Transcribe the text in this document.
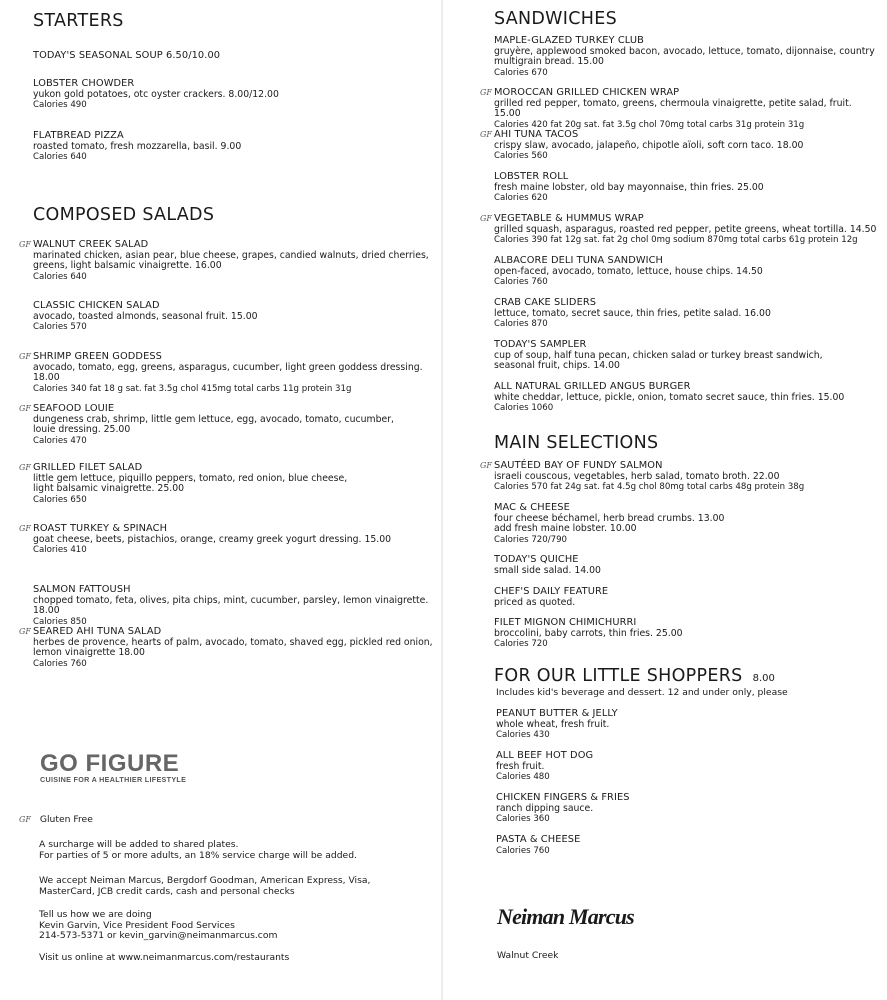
STARTERS
TODAY'S SEASONAL SOUP 6.50/10.00
LOBSTER CHOWDER
yukon gold potatoes, otc oyster crackers. 8.00/12.00
Calories 490
FLATBREAD PIZZA
roasted tomato, fresh mozzarella, basil. 9.00
Calories 640
COMPOSED SALADS
GF WALNUT CREEK SALAD
marinated chicken, asian pear, blue cheese, grapes, candied walnuts, dried cherries,
greens, light balsamic vinaigrette. 16.00
Calories 640
CLASSIC CHICKEN SALAD
avocado, toasted almonds, seasonal fruit. 15.00
Calories 570
GF SHRIMP GREEN GODDESS
avocado, tomato, egg, greens, asparagus, cucumber, light green goddess dressing. 18.00
Calories 340 fat 18 g sat. fat 3.5g chol 415mg total carbs 11g protein 31g
GF SEAFOOD LOUIE
dungeness crab, shrimp, little gem lettuce, egg, avocado, tomato, cucumber,
louie dressing. 25.00
Calories 470
GF GRILLED FILET SALAD
little gem lettuce, piquillo peppers, tomato, red onion, blue cheese,
light balsamic vinaigrette. 25.00
Calories 650
GF ROAST TURKEY & SPINACH
goat cheese, beets, pistachios, orange, creamy greek yogurt dressing. 15.00
Calories 410
SALMON FATTOUSH
chopped tomato, feta, olives, pita chips, mint, cucumber, parsley, lemon vinaigrette. 18.00
Calories 850
GF SEARED AHI TUNA SALAD
herbes de provence, hearts of palm, avocado, tomato, shaved egg, pickled red onion,
lemon vinaigrette 18.00
Calories 760
GO FIGURE
CUISINE FOR A HEALTHIER LIFESTYLE
GF Gluten Free
A surcharge will be added to shared plates.
For parties of 5 or more adults, an 18% service charge will be added.
We accept Neiman Marcus, Bergdorf Goodman, American Express, Visa,
MasterCard, JCB credit cards, cash and personal checks
Tell us how we are doing
Kevin Garvin, Vice President Food Services
214-573-5371 or kevin_garvin@neimanmarcus.com
Visit us online at www.neimanmarcus.com/restaurants
SANDWICHES
MAPLE-GLAZED TURKEY CLUB
gruyère, applewood smoked bacon, avocado, lettuce, tomato, dijonnaise, country
multigrain bread. 15.00
Calories 670
GF MOROCCAN GRILLED CHICKEN WRAP
grilled red pepper, tomato, greens, chermoula vinaigrette, petite salad, fruit. 15.00
Calories 420 fat 20g sat. fat 3.5g chol 70mg total carbs 31g protein 31g
GF AHI TUNA TACOS
crispy slaw, avocado, jalapeño, chipotle aïoli, soft corn taco. 18.00
Calories 560
LOBSTER ROLL
fresh maine lobster, old bay mayonnaise, thin fries. 25.00
Calories 620
GF VEGETABLE & HUMMUS WRAP
grilled squash, asparagus, roasted red pepper, petite greens, wheat tortilla. 14.50
Calories 390 fat 12g sat. fat 2g chol 0mg sodium 870mg total carbs 61g protein 12g
ALBACORE DELI TUNA SANDWICH
open-faced, avocado, tomato, lettuce, house chips. 14.50
Calories 760
CRAB CAKE SLIDERS
lettuce, tomato, secret sauce, thin fries, petite salad. 16.00
Calories 870
TODAY'S SAMPLER
cup of soup, half tuna pecan, chicken salad or turkey breast sandwich,
seasonal fruit, chips. 14.00
ALL NATURAL GRILLED ANGUS BURGER
white cheddar, lettuce, pickle, onion, tomato secret sauce, thin fries. 15.00
Calories 1060
MAIN SELECTIONS
GF SAUTÉED BAY OF FUNDY SALMON
israeli couscous, vegetables, herb salad, tomato broth. 22.00
Calories 570 fat 24g sat. fat 4.5g chol 80mg total carbs 48g protein 38g
MAC & CHEESE
four cheese béchamel, herb bread crumbs. 13.00
add fresh maine lobster. 10.00
Calories 720/790
TODAY'S QUICHE
small side salad. 14.00
CHEF'S DAILY FEATURE
priced as quoted.
FILET MIGNON CHIMICHURRI
broccolini, baby carrots, thin fries. 25.00
Calories 720
FOR OUR LITTLE SHOPPERS 8.00
Includes kid's beverage and dessert. 12 and under only, please
PEANUT BUTTER & JELLY
whole wheat, fresh fruit.
Calories 430
ALL BEEF HOT DOG
fresh fruit.
Calories 480
CHICKEN FINGERS & FRIES
ranch dipping sauce.
Calories 360
PASTA & CHEESE
Calories 760
Neiman Marcus
Walnut Creek
